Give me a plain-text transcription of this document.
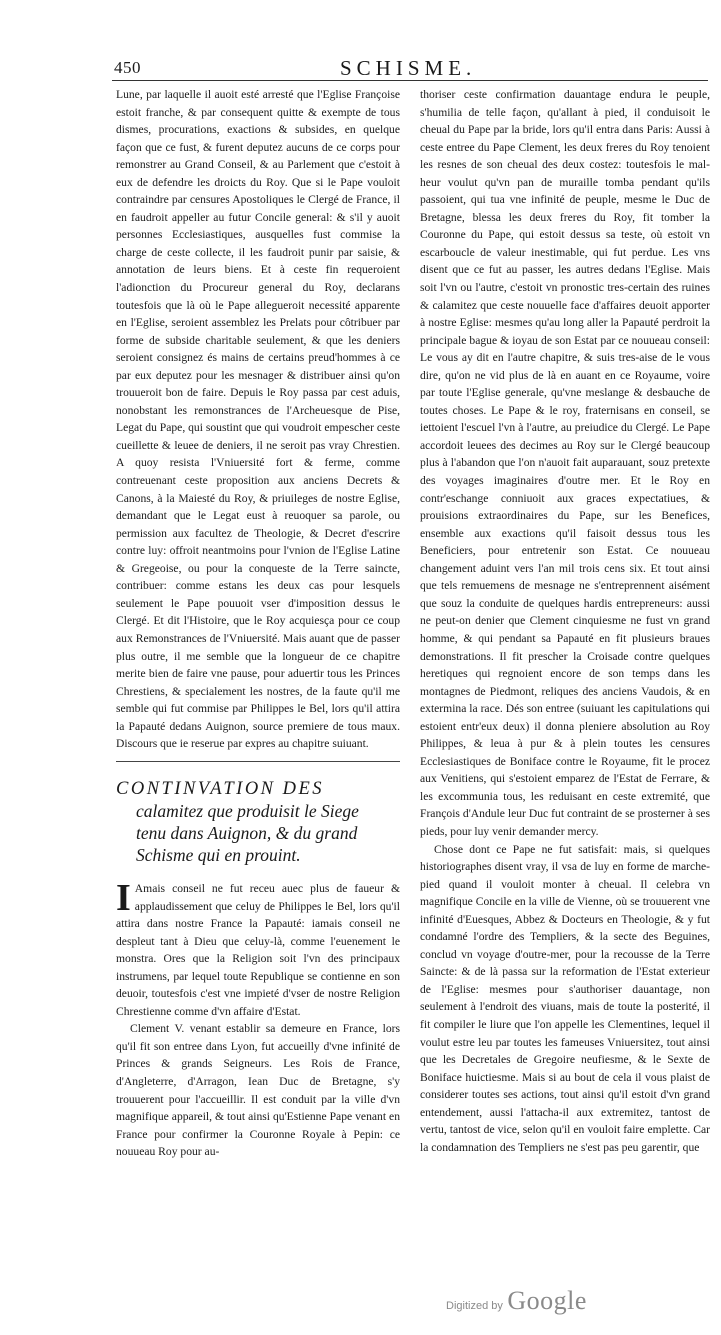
450	SCHISME.

Lune, par laquelle il auoit esté arresté que l'Eglise Françoise estoit franche, & par consequent quitte & exempte de tous dismes, procurations, exactions & subsides, en quelque façon que ce fust, & furent deputez aucuns de ce corps pour remonstrer au Grand Conseil, & au Parlement que c'estoit à eux de defendre les droicts du Roy. Que si le Pape vouloit contraindre par censures Apostoliques le Clergé de France, il en faudroit appeller au futur Concile general: & s'il y auoit personnes Ecclesiastiques, ausquelles fust commise la charge de ceste collecte, il les faudroit punir par saisie, & annotation de leurs biens. Et à ceste fin requeroient l'adionction du Procureur general du Roy, declarans toutesfois que là où le Pape allegueroit necessité apparente en l'Eglise, seroient assemblez les Prelats pour côtribuer par forme de subside charitable seulement, & que les deniers seroient consignez és mains de certains preud'hommes à ce par eux deputez pour les mesnager & distribuer ainsi qu'on trouueroit bon de faire. Depuis le Roy passa par cest aduis, nonobstant les remonstrances de l'Archeuesque de Pise, Legat du Pape, qui soustint que qui voudroit empescher ceste cueillette & leuee de deniers, il ne seroit pas vray Chrestien. A quoy resista l'Vniuersité fort & ferme, comme contreuenant ceste proposition aux anciens Decrets & Canons, à la Maiesté du Roy, & priuileges de nostre Eglise, demandant que le Legat eust à reuoquer sa parole, ou permission aux facultez de Theologie, & Decret d'escrire contre luy: offroit neantmoins pour l'vnion de l'Eglise Latine & Gregeoise, ou pour la conqueste de la Terre saincte, contribuer: comme estans les deux cas pour lesquels seulement le Pape pouuoit vser d'imposition dessus le Clergé. Et dit l'Histoire, que le Roy acquiesça pour ce coup aux Remonstrances de l'Vniuersité. Mais auant que de passer plus outre, il me semble que la longueur de ce chapitre merite bien de faire vne pause, pour aduertir tous les Princes Chrestiens, & specialement les nostres, de la faute qu'il me semble qui fut commise par Philippes le Bel, lors qu'il attira la Papauté dedans Auignon, source premiere de tous maux. Discours que ie reserue par expres au chapitre suiuant.

CONTINVATION DES
calamitez que produisit le Siege tenu dans Auignon, & du grand Schisme qui en prouint.

I Amais conseil ne fut receu auec plus de faueur & applaudissement que celuy de Philippes le Bel, lors qu'il attira dans nostre France la Papauté: iamais conseil ne despleut tant à Dieu que celuy-là, comme l'euenement le monstra. Ores que la Religion soit l'vn des principaux instrumens, par lequel toute Republique se contienne en son deuoir, toutesfois c'est vne impieté d'vser de nostre Religion Chrestienne comme d'vn affaire d'Estat.

Clement V. venant establir sa demeure en France, lors qu'il fit son entree dans Lyon, fut accueilly d'vne infinité de Princes & grands Seigneurs. Les Rois de France, d'Angleterre, d'Arragon, Iean Duc de Bretagne, s'y trouuerent pour l'accueillir. Il est conduit par la ville d'vn magnifique appareil, & tout ainsi qu'Estienne Pape venant en France pour confirmer la Couronne Royale à Pepin: ce nouueau Roy pour au-

thoriser ceste confirmation dauantage endura le peuple, s'humilia de telle façon, qu'allant à pied, il conduisoit le cheual du Pape par la bride, lors qu'il entra dans Paris: Aussi à ceste entree du Pape Clement, les deux freres du Roy tenoient les resnes de son cheual des deux costez: toutesfois le mal-heur voulut qu'vn pan de muraille tomba pendant qu'ils passoient, qui tua vne infinité de peuple, mesme le Duc de Bretagne, blessa les deux freres du Roy, fit tomber la Couronne du Pape, qui estoit dessus sa teste, où estoit vn escarboucle de valeur inestimable, qui fut perdue. Les vns disent que ce fut au passer, les autres dedans l'Eglise. Mais soit l'vn ou l'autre, c'estoit vn pronostic tres-certain des ruines & calamitez que ceste nouuelle face d'affaires deuoit apporter à nostre Eglise: mesmes qu'au long aller la Papauté perdroit la principale bague & ioyau de son Estat par ce nouueau conseil: Le vous ay dit en l'autre chapitre, & suis tres-aise de le vous dire, qu'on ne vid plus de là en auant en ce Royaume, voire par toute l'Eglise generale, qu'vne meslange & desbauche de toutes choses. Le Pape & le roy, fraternisans en conseil, se iettoient l'escuel l'vn à l'autre, au preiudice du Clergé. Le Pape accordoit leuees des decimes au Roy sur le Clergé beaucoup plus à l'abandon que l'on n'auoit fait auparauant, souz pretexte des voyages imaginaires d'outre mer. Et le Roy en contr'eschange conniuoit aux graces expectatiues, & prouisions extraordinaires du Pape, sur les Benefices, ensemble aux exactions qu'il faisoit dessus tous les Beneficiers, pour entretenir son Estat. Ce nouueau changement aduint vers l'an mil trois cens six. Et tout ainsi que tels remuemens de mesnage ne s'entreprennent aisément que souz la conduite de quelques hardis entrepreneurs: aussi ne peut-on denier que Clement cinquiesme ne fust vn grand homme, & qui pendant sa Papauté en fit plusieurs braues demonstrations. Il fit prescher la Croisade contre quelques heretiques qui regnoient encore de son temps dans les montagnes de Piedmont, reliques des anciens Vaudois, & en extermina la race. Dés son entree (suiuant les capitulations qui estoient entr'eux deux) il donna pleniere absolution au Roy Philippes, & leua à pur & à plein toutes les censures Ecclesiastiques de Boniface contre le Royaume, fit le procez aux Venitiens, qui s'estoient emparez de l'Estat de Ferrare, & les excommunia tous, les reduisant en ceste extremité, que François d'Andule leur Duc fut contraint de se prosterner à ses pieds, pour luy venir demander mercy.

Chose dont ce Pape ne fut satisfait: mais, si quelques historiographes disent vray, il vsa de luy en forme de marche-pied quand il vouloit monter à cheual. Il celebra vn magnifique Concile en la ville de Vienne, où se trouuerent vne infinité d'Euesques, Abbez & Docteurs en Theologie, & y fut condamné l'ordre des Templiers, & la secte des Beguines, conclud vn voyage d'outre-mer, pour la recousse de la Terre Saincte: & de là passa sur la reformation de l'Estat exterieur de l'Eglise: mesmes pour s'authoriser dauantage, non seulement à l'endroit des viuans, mais de toute la posterité, il fit compiler le liure que l'on appelle les Clementines, lequel il voulut estre leu par toutes les fameuses Vniuersitez, tout ainsi que les Decretales de Gregoire neufiesme, & le Sexte de Boniface huictiesme. Mais si au bout de cela il vous plaist de considerer toutes ses actions, tout ainsi qu'il estoit d'vn grand entendement, aussi l'attacha-il aux extremitez, tantost de vertu, tantost de vice, selon qu'il en vouloit faire emplette. Car la condamnation des Templiers ne s'est pas peu garentir, que

Digitized by Google
